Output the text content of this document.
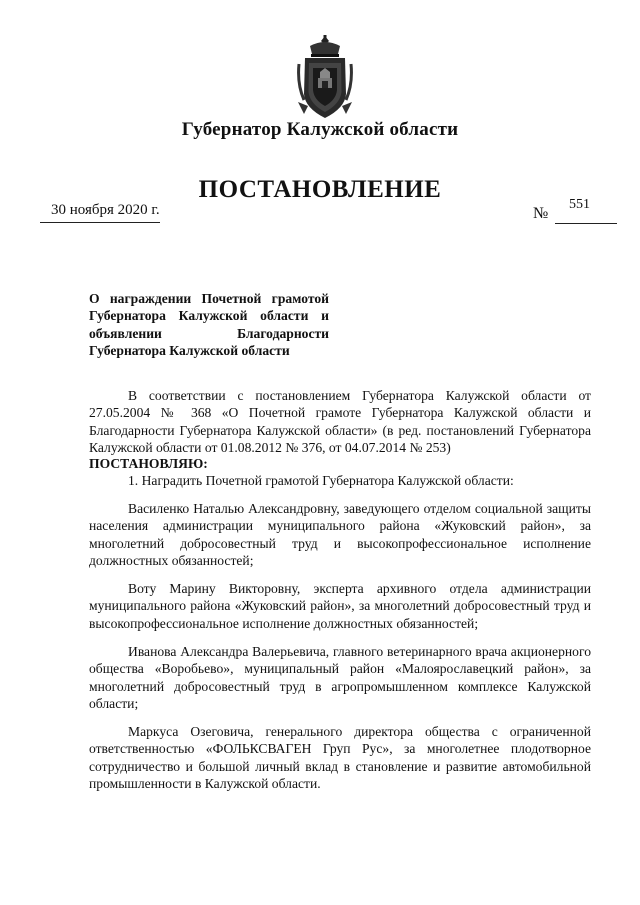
Губернатор Калужской области
ПОСТАНОВЛЕНИЕ
30 ноября 2020 г.	№
551
О награждении Почетной грамотой Губернатора Калужской области и объявлении Благодарности Губернатора Калужской области
В соответствии с постановлением Губернатора Калужской области от 27.05.2004 № 368 «О Почетной грамоте Губернатора Калужской области и Благодарности Губернатора Калужской области» (в ред. постановлений Губернатора Калужской области от 01.08.2012 № 376, от 04.07.2014 № 253)
ПОСТАНОВЛЯЮ:
1. Наградить Почетной грамотой Губернатора Калужской области:
Василенко Наталью Александровну, заведующего отделом социальной защиты населения администрации муниципального района «Жуковский район», за многолетний добросовестный труд и высокопрофессиональное исполнение должностных обязанностей;
Воту Марину Викторовну, эксперта архивного отдела администрации муниципального района «Жуковский район», за многолетний добросовестный труд и высокопрофессиональное исполнение должностных обязанностей;
Иванова Александра Валерьевича, главного ветеринарного врача акционерного общества «Воробьево», муниципальный район «Малоярославецкий район», за многолетний добросовестный труд в агропромышленном комплексе Калужской области;
Маркуса Озеговича, генерального директора общества с ограниченной ответственностью «ФОЛЬКСВАГЕН Груп Рус», за многолетнее плодотворное сотрудничество и большой личный вклад в становление и развитие автомобильной промышленности в Калужской области.
